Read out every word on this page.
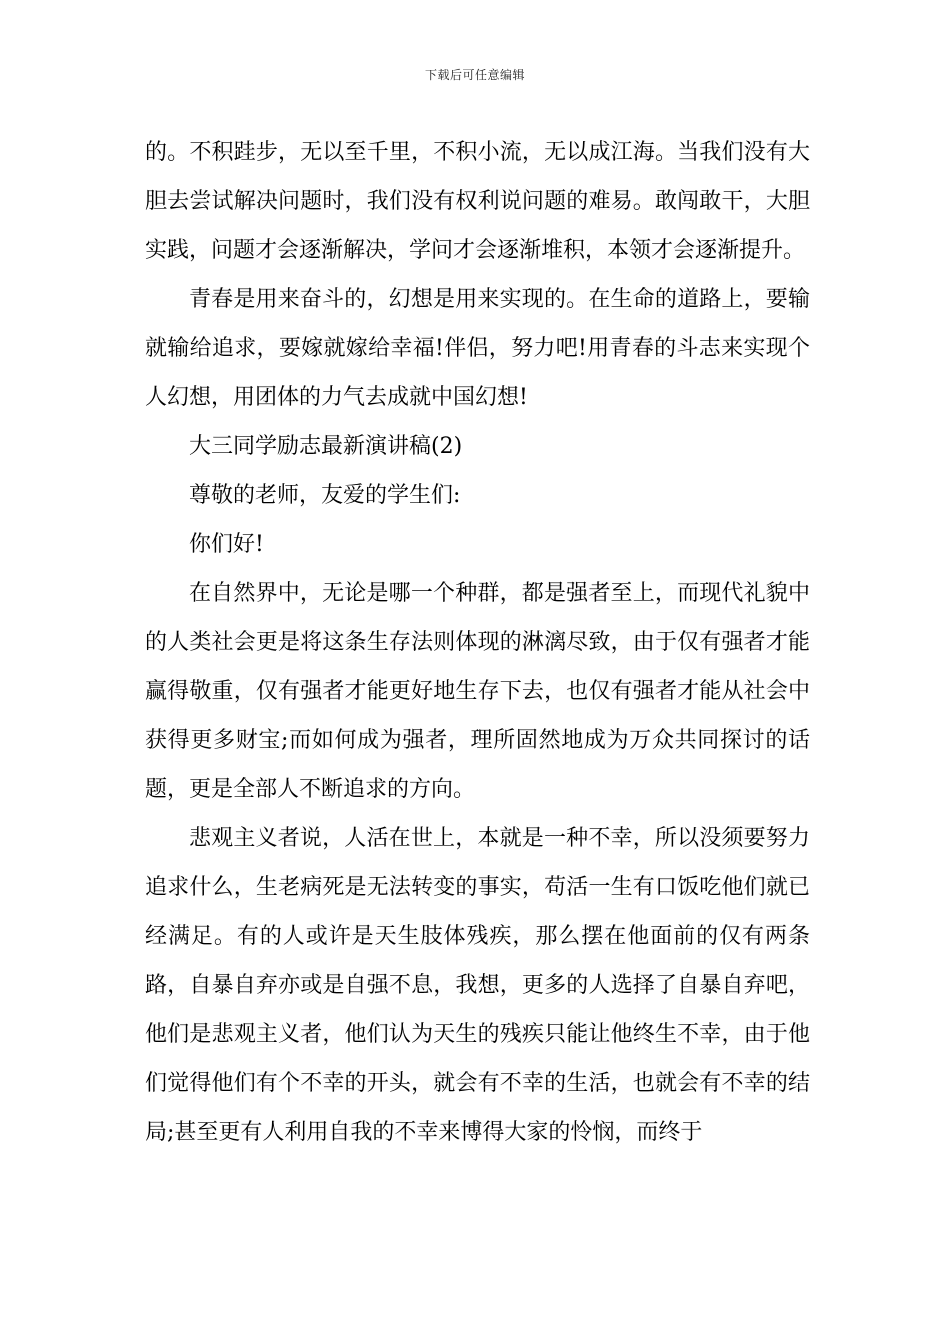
下载后可任意编辑

的。不积跬步，无以至千里，不积小流，无以成江海。当我们没有大胆去尝试解决问题时，我们没有权利说问题的难易。敢闯敢干，大胆实践，问题才会逐渐解决，学问才会逐渐堆积，本领才会逐渐提升。

青春是用来奋斗的，幻想是用来实现的。在生命的道路上，要输就输给追求，要嫁就嫁给幸福!伴侣，努力吧!用青春的斗志来实现个人幻想，用团体的力气去成就中国幻想!

大三同学励志最新演讲稿(2)

尊敬的老师，友爱的学生们:

你们好!

在自然界中，无论是哪一个种群，都是强者至上，而现代礼貌中的人类社会更是将这条生存法则体现的淋漓尽致，由于仅有强者才能赢得敬重，仅有强者才能更好地生存下去，也仅有强者才能从社会中获得更多财宝;而如何成为强者，理所固然地成为万众共同探讨的话题，更是全部人不断追求的方向。

悲观主义者说，人活在世上，本就是一种不幸，所以没须要努力追求什么，生老病死是无法转变的事实，苟活一生有口饭吃他们就已经满足。有的人或许是天生肢体残疾，那么摆在他面前的仅有两条路，自暴自弃亦或是自强不息，我想，更多的人选择了自暴自弃吧，他们是悲观主义者，他们认为天生的残疾只能让他终生不幸，由于他们觉得他们有个不幸的开头，就会有不幸的生活，也就会有不幸的结局;甚至更有人利用自我的不幸来博得大家的怜悯，而终于
